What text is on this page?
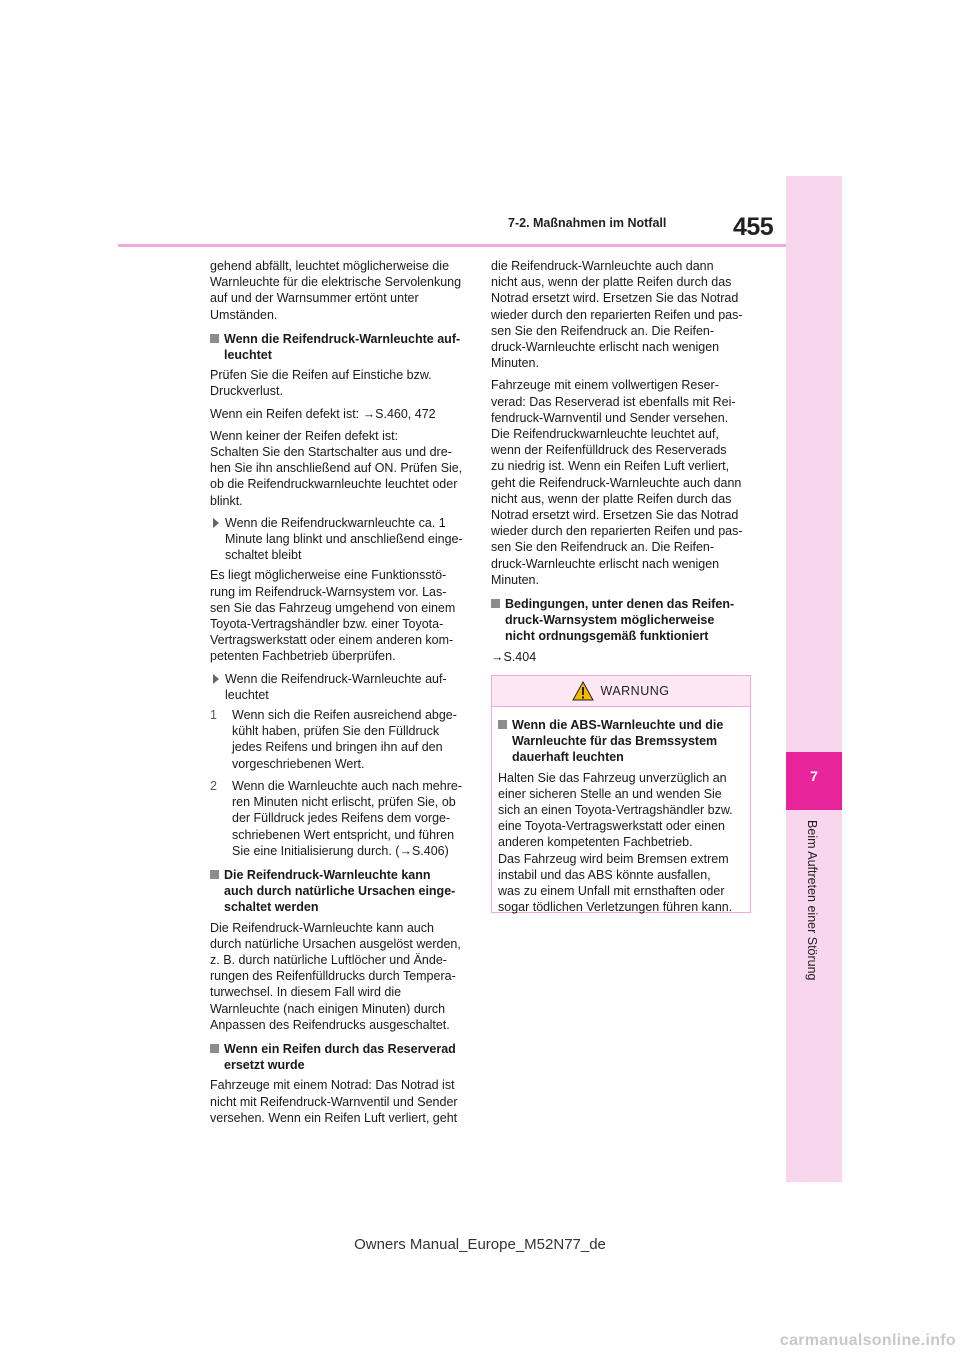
7-2. Maßnahmen im Notfall	455
7
Beim Auftreten einer Störung

gehend abfällt, leuchtet möglicherweise die
Warnleuchte für die elektrische Servolenkung
auf und der Warnsummer ertönt unter
Umständen.

Wenn die Reifendruck-Warnleuchte auf-
leuchtet

Prüfen Sie die Reifen auf Einstiche bzw.
Druckverlust.

Wenn ein Reifen defekt ist: →S.460, 472

Wenn keiner der Reifen defekt ist:
Schalten Sie den Startschalter aus und dre-
hen Sie ihn anschließend auf ON. Prüfen Sie,
ob die Reifendruckwarnleuchte leuchtet oder
blinkt.

Wenn die Reifendruckwarnleuchte ca. 1
Minute lang blinkt und anschließend einge-
schaltet bleibt

Es liegt möglicherweise eine Funktionsstö-
rung im Reifendruck-Warnsystem vor. Las-
sen Sie das Fahrzeug umgehend von einem
Toyota-Vertragshändler bzw. einer Toyota-
Vertragswerkstatt oder einem anderen kom-
petenten Fachbetrieb überprüfen.

Wenn die Reifendruck-Warnleuchte auf-
leuchtet
1	Wenn sich die Reifen ausreichend abge-
kühlt haben, prüfen Sie den Fülldruck
jedes Reifens und bringen ihn auf den
vorgeschriebenen Wert.
2	Wenn die Warnleuchte auch nach mehre-
ren Minuten nicht erlischt, prüfen Sie, ob
der Fülldruck jedes Reifens dem vorge-
schriebenen Wert entspricht, und führen
Sie eine Initialisierung durch. (→S.406)
Die Reifendruck-Warnleuchte kann
auch durch natürliche Ursachen einge-
schaltet werden

Die Reifendruck-Warnleuchte kann auch
durch natürliche Ursachen ausgelöst werden,
z. B. durch natürliche Luftlöcher und Ände-
rungen des Reifenfülldrucks durch Tempera-
turwechsel. In diesem Fall wird die
Warnleuchte (nach einigen Minuten) durch
Anpassen des Reifendrucks ausgeschaltet.

Wenn ein Reifen durch das Reserverad
ersetzt wurde

Fahrzeuge mit einem Notrad: Das Notrad ist
nicht mit Reifendruck-Warnventil und Sender
versehen. Wenn ein Reifen Luft verliert, geht

die Reifendruck-Warnleuchte auch dann
nicht aus, wenn der platte Reifen durch das
Notrad ersetzt wird. Ersetzen Sie das Notrad
wieder durch den reparierten Reifen und pas-
sen Sie den Reifendruck an. Die Reifen-
druck-Warnleuchte erlischt nach wenigen
Minuten.

Fahrzeuge mit einem vollwertigen Reser-
verad: Das Reserverad ist ebenfalls mit Rei-
fendruck-Warnventil und Sender versehen.
Die Reifendruckwarnleuchte leuchtet auf,
wenn der Reifenfülldruck des Reserverads
zu niedrig ist. Wenn ein Reifen Luft verliert,
geht die Reifendruck-Warnleuchte auch dann
nicht aus, wenn der platte Reifen durch das
Notrad ersetzt wird. Ersetzen Sie das Notrad
wieder durch den reparierten Reifen und pas-
sen Sie den Reifendruck an. Die Reifen-
druck-Warnleuchte erlischt nach wenigen
Minuten.

Bedingungen, unter denen das Reifen-
druck-Warnsystem möglicherweise
nicht ordnungsgemäß funktioniert

→S.404

WARNUNG
Wenn die ABS-Warnleuchte und die
Warnleuchte für das Bremssystem
dauerhaft leuchten

Halten Sie das Fahrzeug unverzüglich an
einer sicheren Stelle an und wenden Sie
sich an einen Toyota-Vertragshändler bzw.
eine Toyota-Vertragswerkstatt oder einen
anderen kompetenten Fachbetrieb.
Das Fahrzeug wird beim Bremsen extrem
instabil und das ABS könnte ausfallen,
was zu einem Unfall mit ernsthaften oder
sogar tödlichen Verletzungen führen kann.

Owners Manual_Europe_M52N77_de
carmanualsonline.info
